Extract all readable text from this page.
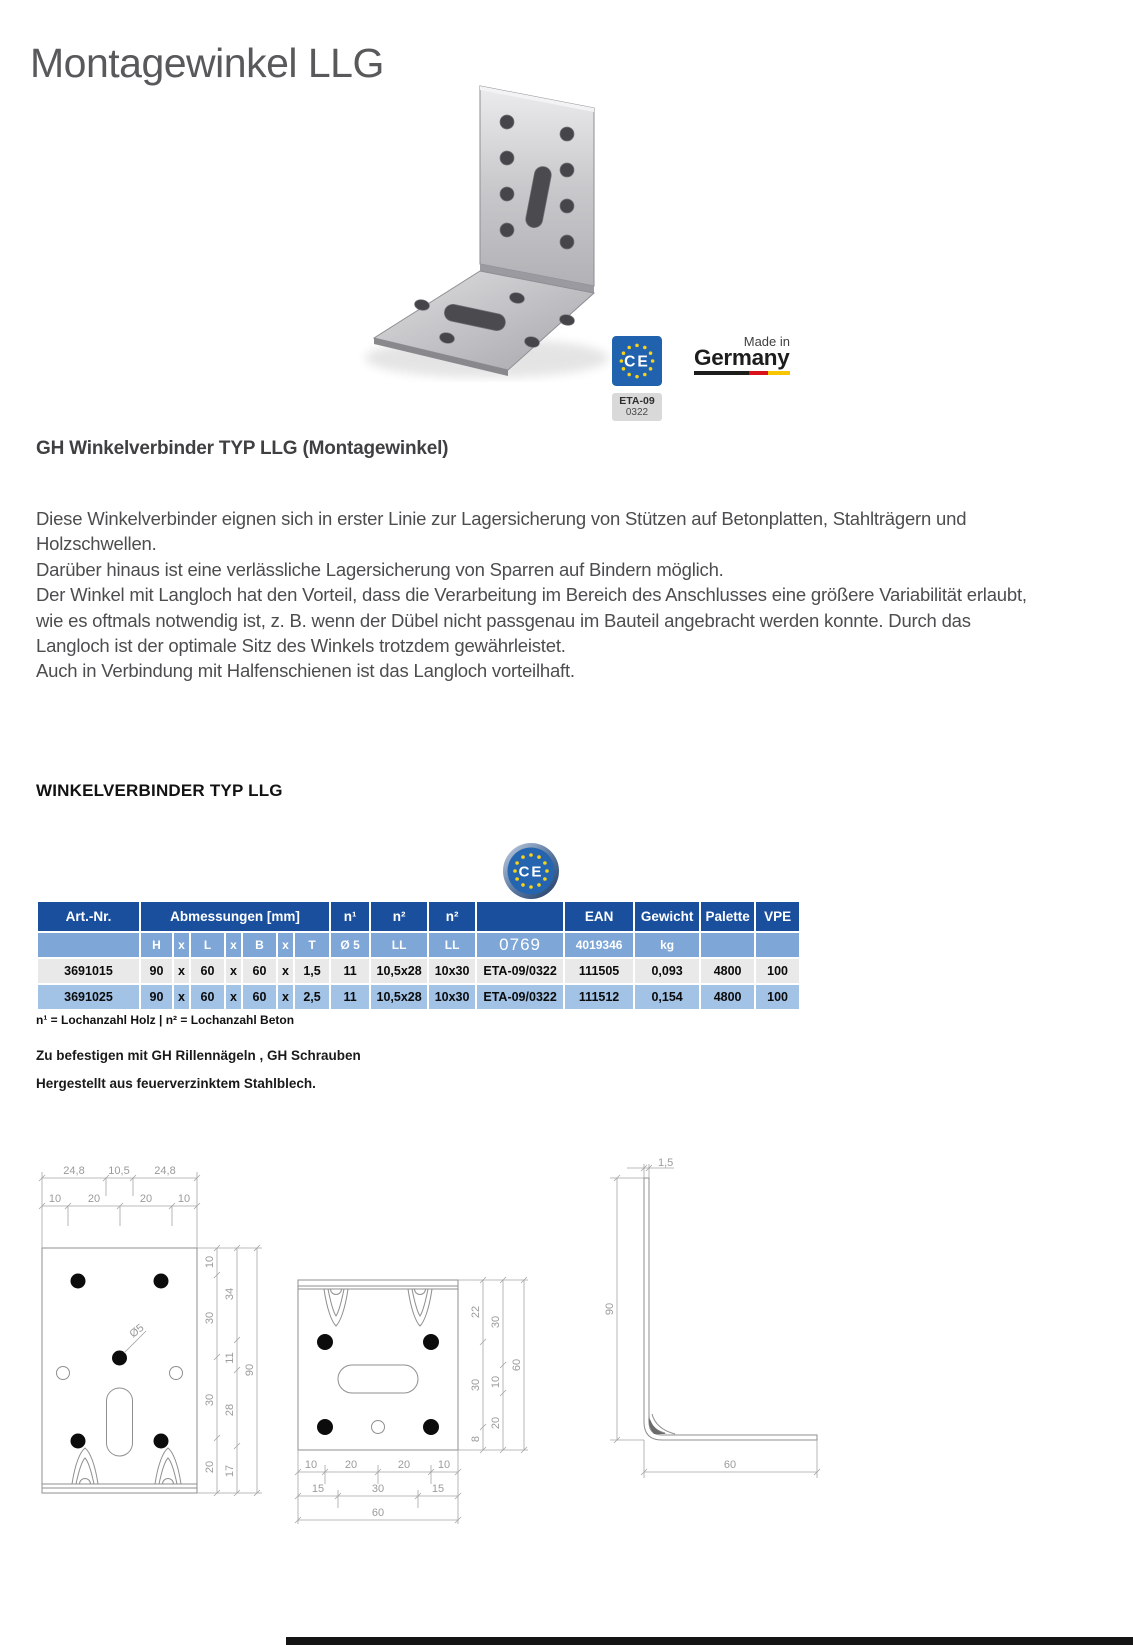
Montagewinkel LLG
CE
ETA-09
0322
Made in
Germany
GH Winkelverbinder TYP LLG (Montagewinkel)

Diese Winkelverbinder eignen sich in erster Linie zur Lagersicherung von Stützen auf Betonplatten, Stahlträgern und Holzschwellen.

Darüber hinaus ist eine verlässliche Lagersicherung von Sparren auf Bindern möglich.

Der Winkel mit Langloch hat den Vorteil, dass die Verarbeitung im Bereich des Anschlusses eine größere Variabilität erlaubt, wie es oftmals notwendig ist, z. B. wenn der Dübel nicht passgenau im Bauteil angebracht werden konnte. Durch das Langloch ist der optimale Sitz des Winkels trotzdem gewährleistet.

Auch in Verbindung mit Halfenschienen ist das Langloch vorteilhaft.

WINKELVERBINDER TYP LLG
CE
Art.-Nr.	Abmessungen [mm]							n¹	n²	n²		EAN	Gewicht	Palette	VPE
	H	x	L	x	B	x	T	Ø 5	LL	LL	0769	4019346	kg		
3691015	90	x	60	x	60	x	1,5	11	10,5x28	10x30	ETA-09/0322	111505	0,093	4800	100
3691025	90	x	60	x	60	x	2,5	11	10,5x28	10x30	ETA-09/0322	111512	0,154	4800	100

n¹ = Lochanzahl Holz | n² = Lochanzahl Beton

Zu befestigen mit GH Rillennägeln , GH Schrauben

Hergestellt aus feuerverzinktem Stahlblech.

Ø5
24,8 10,5 24,8
10 20	20 10
10
30
30
20
34
11
28
17
90
22
30
8
30
10
20
60
10	20	20	10
15	30	15
60
1,5
90
60
